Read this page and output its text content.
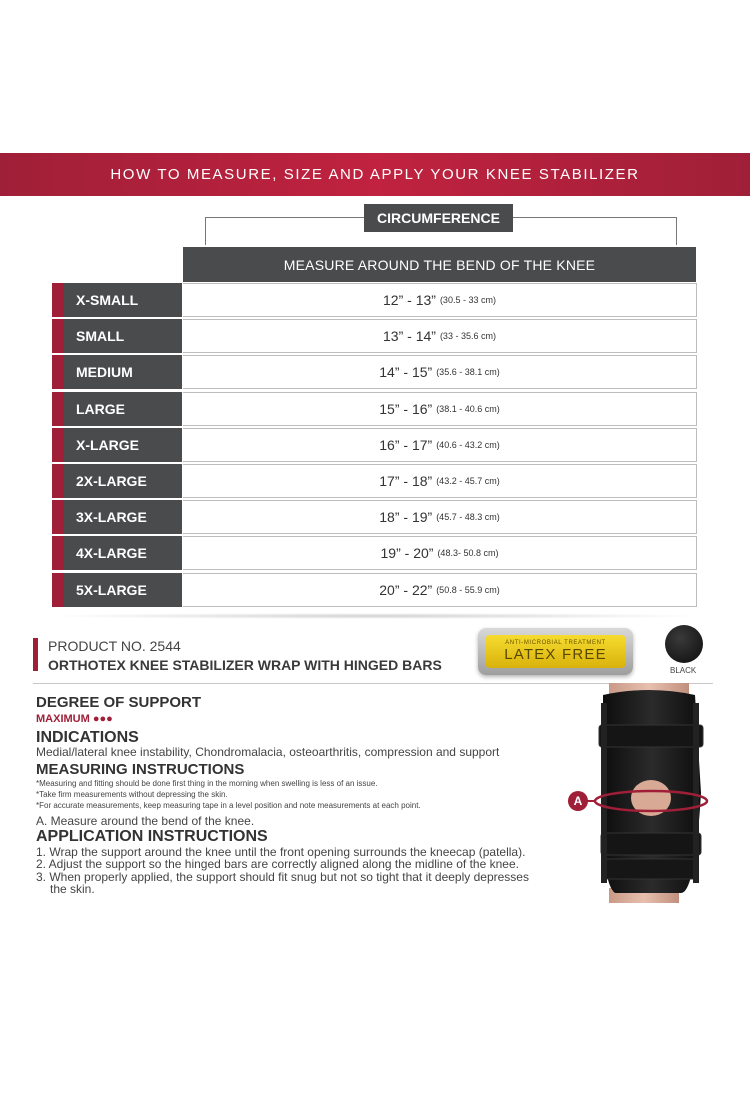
HOW TO MEASURE, SIZE AND APPLY YOUR KNEE STABILIZER
CIRCUMFERENCE
MEASURE AROUND THE BEND OF THE KNEE
X-SMALL	12” - 13” (30.5 - 33 cm)
SMALL	13” - 14” (33 - 35.6 cm)
MEDIUM	14” - 15” (35.6 - 38.1 cm)
LARGE	15” - 16” (38.1 - 40.6 cm)
X-LARGE	16” - 17” (40.6 - 43.2 cm)
2X-LARGE	17” - 18” (43.2 - 45.7 cm)
3X-LARGE	18” - 19” (45.7 - 48.3 cm)
4X-LARGE	19” - 20” (48.3- 50.8 cm)
5X-LARGE	20” - 22” (50.8 - 55.9 cm)
PRODUCT NO. 2544
ORTHOTEX KNEE STABILIZER WRAP WITH HINGED BARS
ANTI-MICROBIAL TREATMENT
LATEX FREE
BLACK
DEGREE OF SUPPORT
MAXIMUM ●●●
INDICATIONS
Medial/lateral knee instability, Chondromalacia, osteoarthritis, compression and support
MEASURING INSTRUCTIONS
*Measuring and fitting should be done first thing in the morning when swelling is less of an issue.
*Take firm measurements without depressing the skin.
*For accurate measurements, keep measuring tape in a level position and note measurements at each point.
A. Measure around the bend of the knee.
APPLICATION INSTRUCTIONS
1. Wrap the support around the knee until the front opening surrounds the kneecap (patella).
2. Adjust the support so the hinged bars are correctly aligned along the midline of the knee.
3. When properly applied, the support should fit snug but not so tight that it deeply depresses
the skin.
A
